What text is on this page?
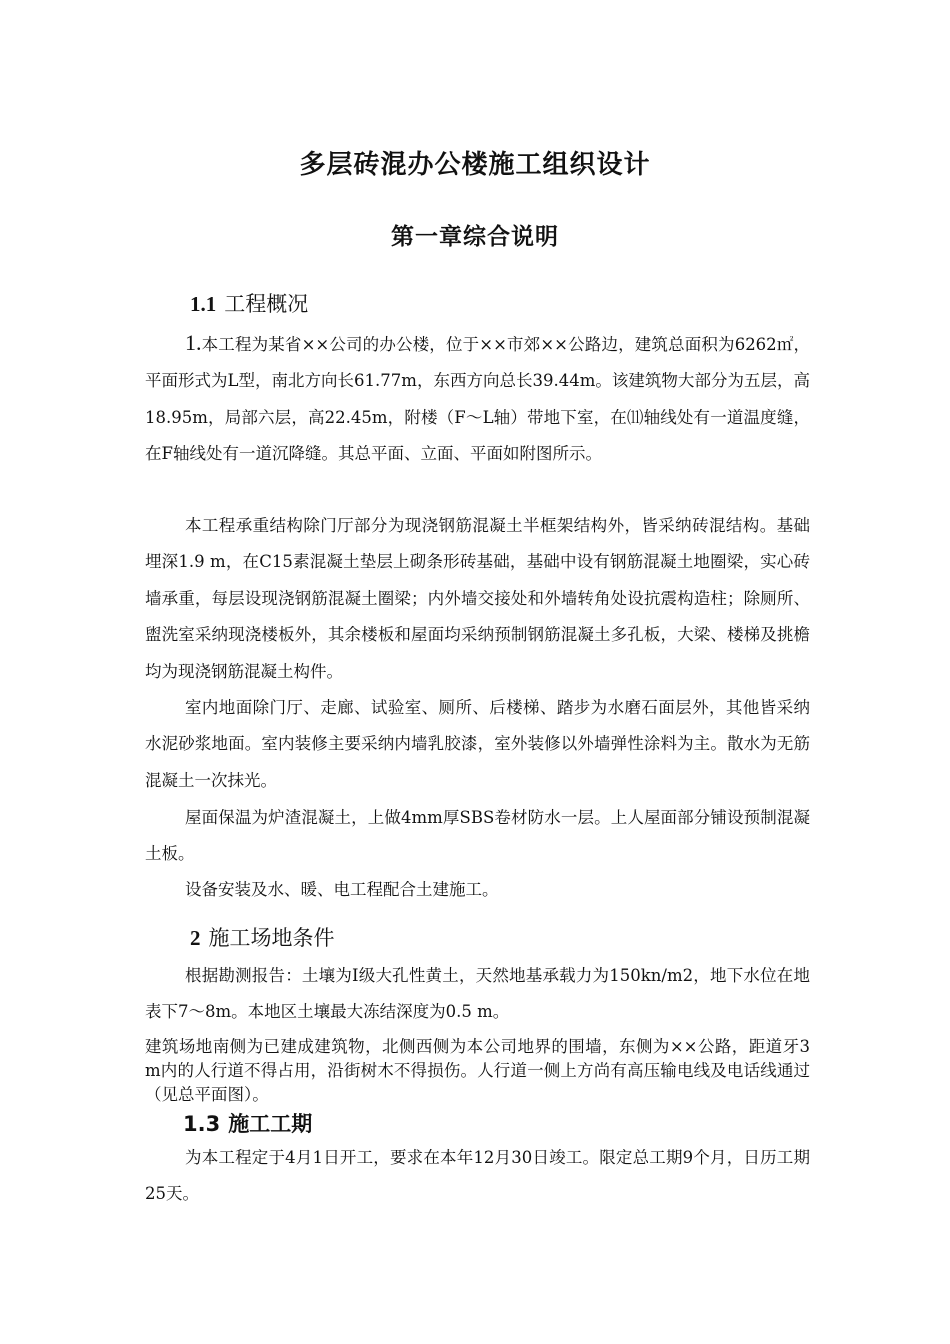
多层砖混办公楼施工组织设计
第一章综合说明
1.1 工程概况

1.本工程为某省××公司的办公楼，位于××市郊××公路边，建筑总面积为6262㎡，平面形式为L型，南北方向长61.77m，东西方向总长39.44m。该建筑物大部分为五层，高18.95m，局部六层，高22.45m，附楼（F～L轴）带地下室，在⑾轴线处有一道温度缝，在F轴线处有一道沉降缝。其总平面、立面、平面如附图所示。

本工程承重结构除门厅部分为现浇钢筋混凝土半框架结构外，皆采纳砖混结构。基础埋深1.9 m，在C15素混凝土垫层上砌条形砖基础，基础中设有钢筋混凝土地圈梁，实心砖墙承重，每层设现浇钢筋混凝土圈梁；内外墙交接处和外墙转角处设抗震构造柱；除厕所、盥洗室采纳现浇楼板外，其余楼板和屋面均采纳预制钢筋混凝土多孔板，大梁、楼梯及挑檐均为现浇钢筋混凝土构件。

室内地面除门厅、走廊、试验室、厕所、后楼梯、踏步为水磨石面层外，其他皆采纳水泥砂浆地面。室内装修主要采纳内墙乳胶漆，室外装修以外墙弹性涂料为主。散水为无筋混凝土一次抹光。

屋面保温为炉渣混凝土，上做4mm厚SBS卷材防水一层。上人屋面部分铺设预制混凝土板。

设备安装及水、暖、电工程配合土建施工。

2 施工场地条件

根据勘测报告：土壤为Ⅰ级大孔性黄土，天然地基承载力为150kn/m2，地下水位在地表下7～8m。本地区土壤最大冻结深度为0.5 m。

建筑场地南侧为已建成建筑物，北侧西侧为本公司地界的围墙，东侧为××公路，距道牙3 m内的人行道不得占用，沿街树木不得损伤。人行道一侧上方尚有高压输电线及电话线通过（见总平面图）。

1.3 施工工期

为本工程定于4月1日开工，要求在本年12月30日竣工。限定总工期9个月，日历工期25天。
